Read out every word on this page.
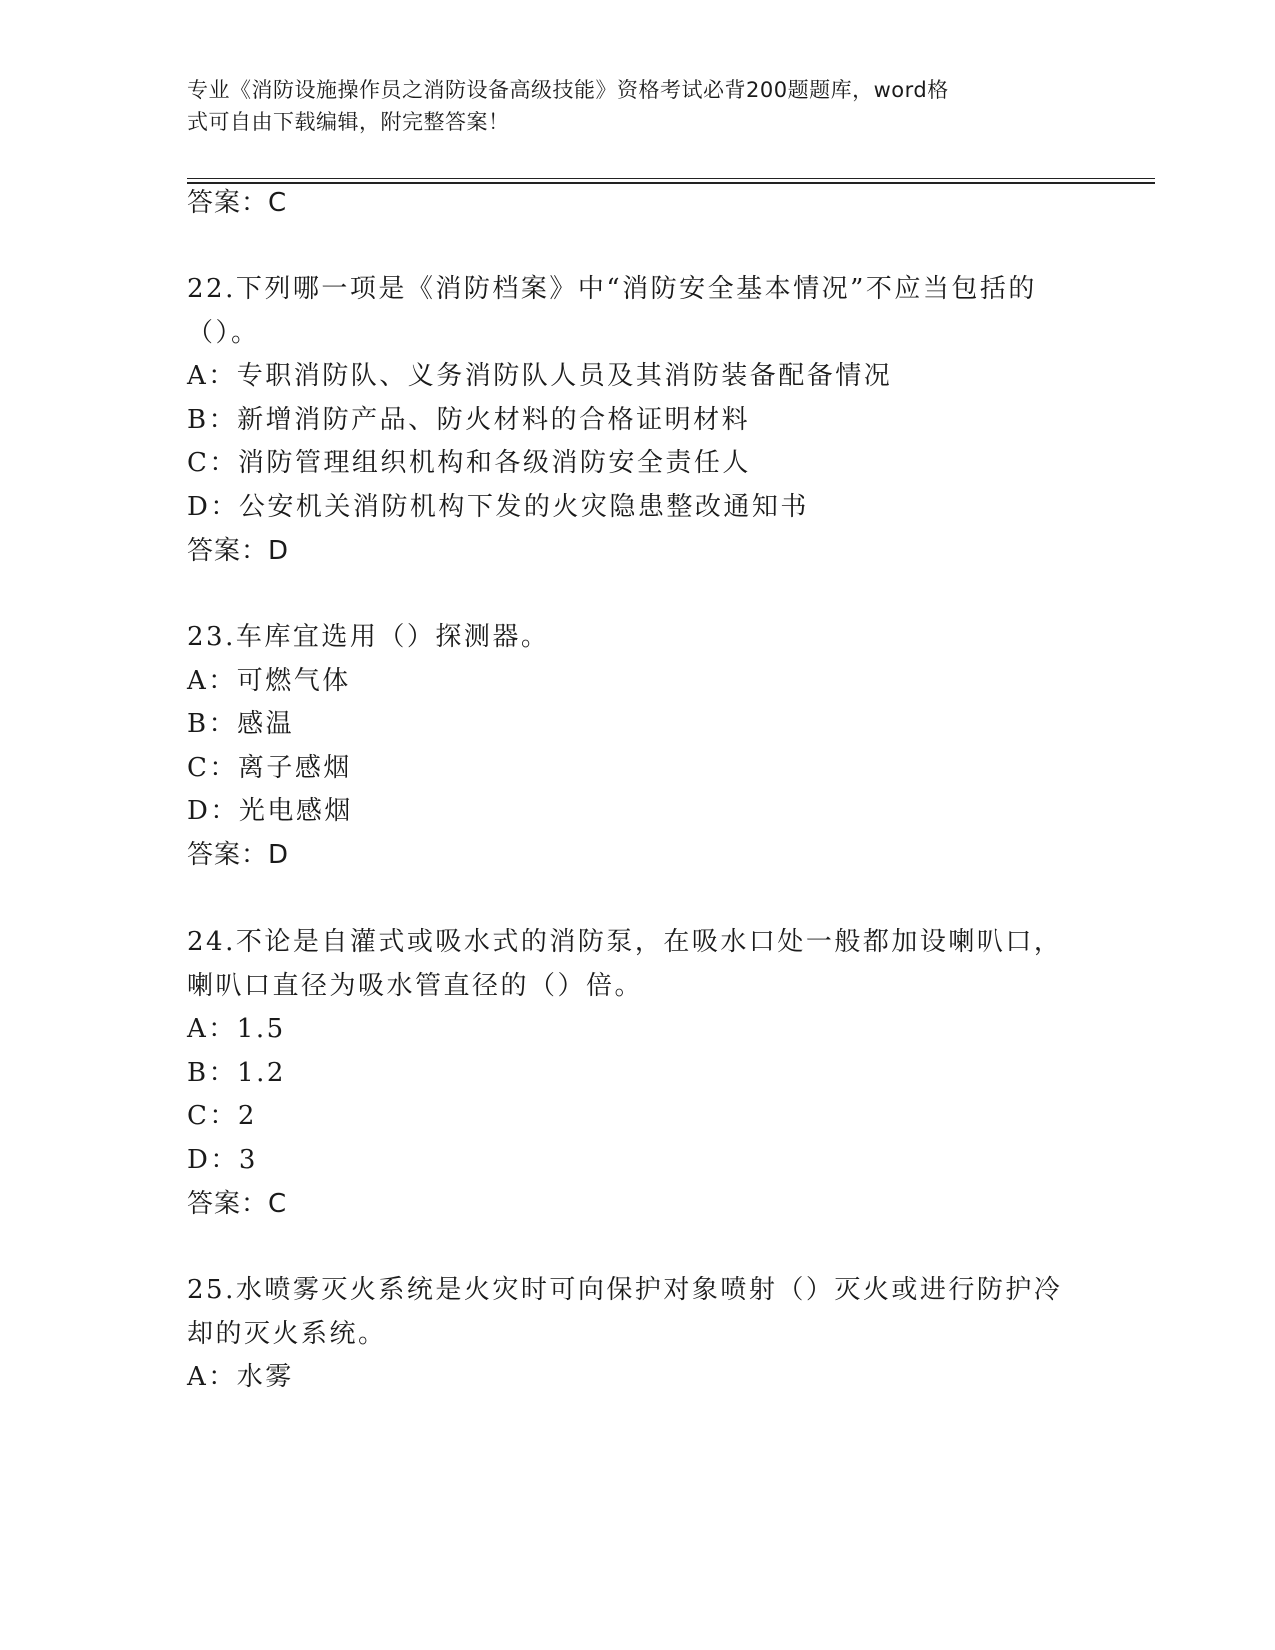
专业《消防设施操作员之消防设备高级技能》资格考试必背200题题库，word格
式可自由下载编辑，附完整答案！
答案：C
22.下列哪一项是《消防档案》中“消防安全基本情况”不应当包括的
（）。
A：专职消防队、义务消防队人员及其消防装备配备情况
B：新增消防产品、防火材料的合格证明材料
C：消防管理组织机构和各级消防安全责任人
D：公安机关消防机构下发的火灾隐患整改通知书
答案：D
23.车库宜选用（）探测器。
A：可燃气体
B：感温
C：离子感烟
D：光电感烟
答案：D
24.不论是自灌式或吸水式的消防泵，在吸水口处一般都加设喇叭口，
喇叭口直径为吸水管直径的（）倍。
A：1.5
B：1.2
C：2
D：3
答案：C
25.水喷雾灭火系统是火灾时可向保护对象喷射（）灭火或进行防护冷
却的灭火系统。
A：水雾
